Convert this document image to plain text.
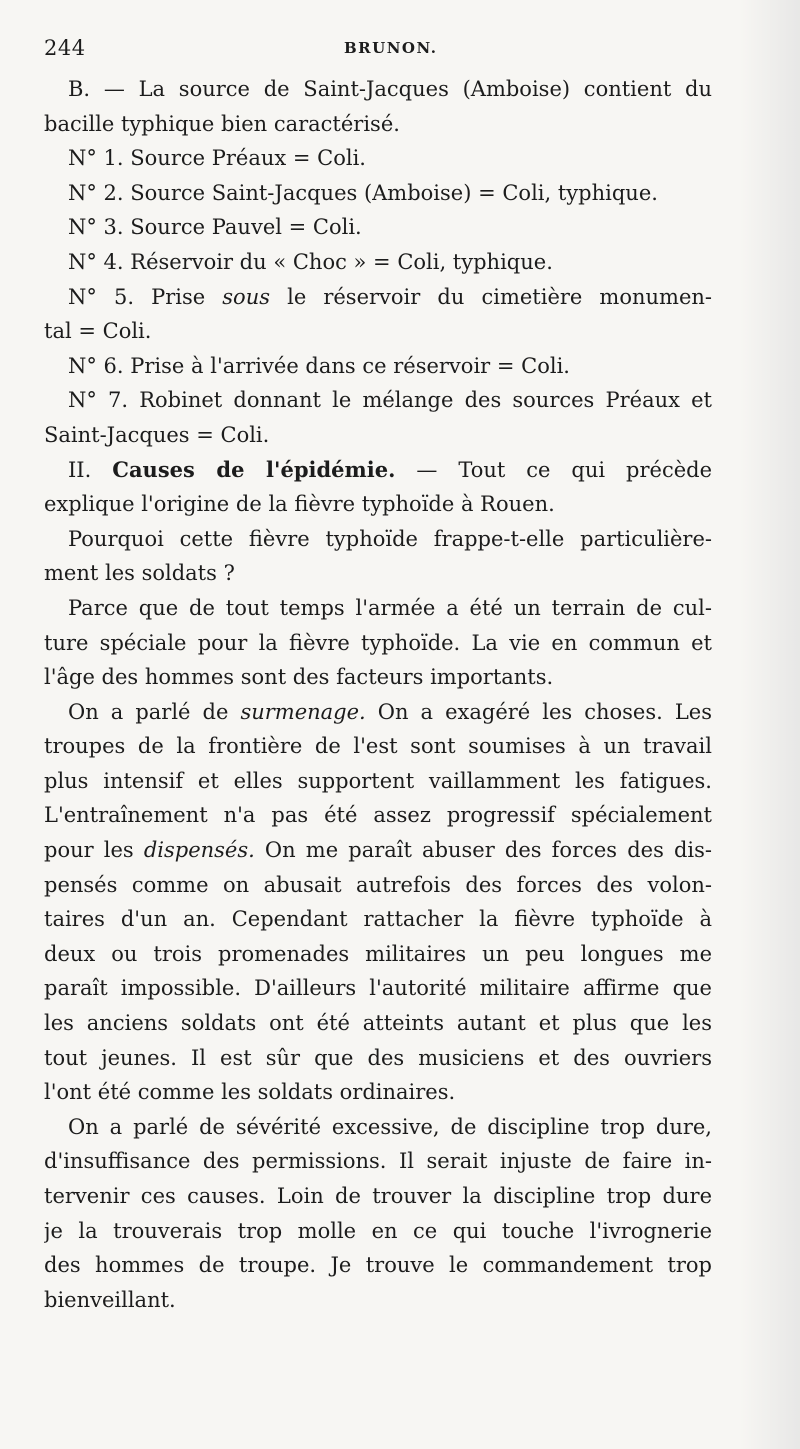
244	BRUNON.
B. — La source de Saint-Jacques (Amboise) contient du
bacille typhique bien caractérisé.
N° 1. Source Préaux = Coli.
N° 2. Source Saint-Jacques (Amboise) = Coli, typhique.
N° 3. Source Pauvel = Coli.
N° 4. Réservoir du « Choc » = Coli, typhique.
N° 5. Prise sous le réservoir du cimetière monumen-
tal = Coli.
N° 6. Prise à l'arrivée dans ce réservoir = Coli.
N° 7. Robinet donnant le mélange des sources Préaux et
Saint-Jacques = Coli.
II. Causes de l'épidémie. — Tout ce qui précède
explique l'origine de la fièvre typhoïde à Rouen.
Pourquoi cette fièvre typhoïde frappe-t-elle particulière-
ment les soldats ?
Parce que de tout temps l'armée a été un terrain de cul-
ture spéciale pour la fièvre typhoïde. La vie en commun et
l'âge des hommes sont des facteurs importants.
On a parlé de surmenage. On a exagéré les choses. Les
troupes de la frontière de l'est sont soumises à un travail
plus intensif et elles supportent vaillamment les fatigues.
L'entraînement n'a pas été assez progressif spécialement
pour les dispensés. On me paraît abuser des forces des dis-
pensés comme on abusait autrefois des forces des volon-
taires d'un an. Cependant rattacher la fièvre typhoïde à
deux ou trois promenades militaires un peu longues me
paraît impossible. D'ailleurs l'autorité militaire affirme que
les anciens soldats ont été atteints autant et plus que les
tout jeunes. Il est sûr que des musiciens et des ouvriers
l'ont été comme les soldats ordinaires.
On a parlé de sévérité excessive, de discipline trop dure,
d'insuffisance des permissions. Il serait injuste de faire in-
tervenir ces causes. Loin de trouver la discipline trop dure
je la trouverais trop molle en ce qui touche l'ivrognerie
des hommes de troupe. Je trouve le commandement trop
bienveillant.
